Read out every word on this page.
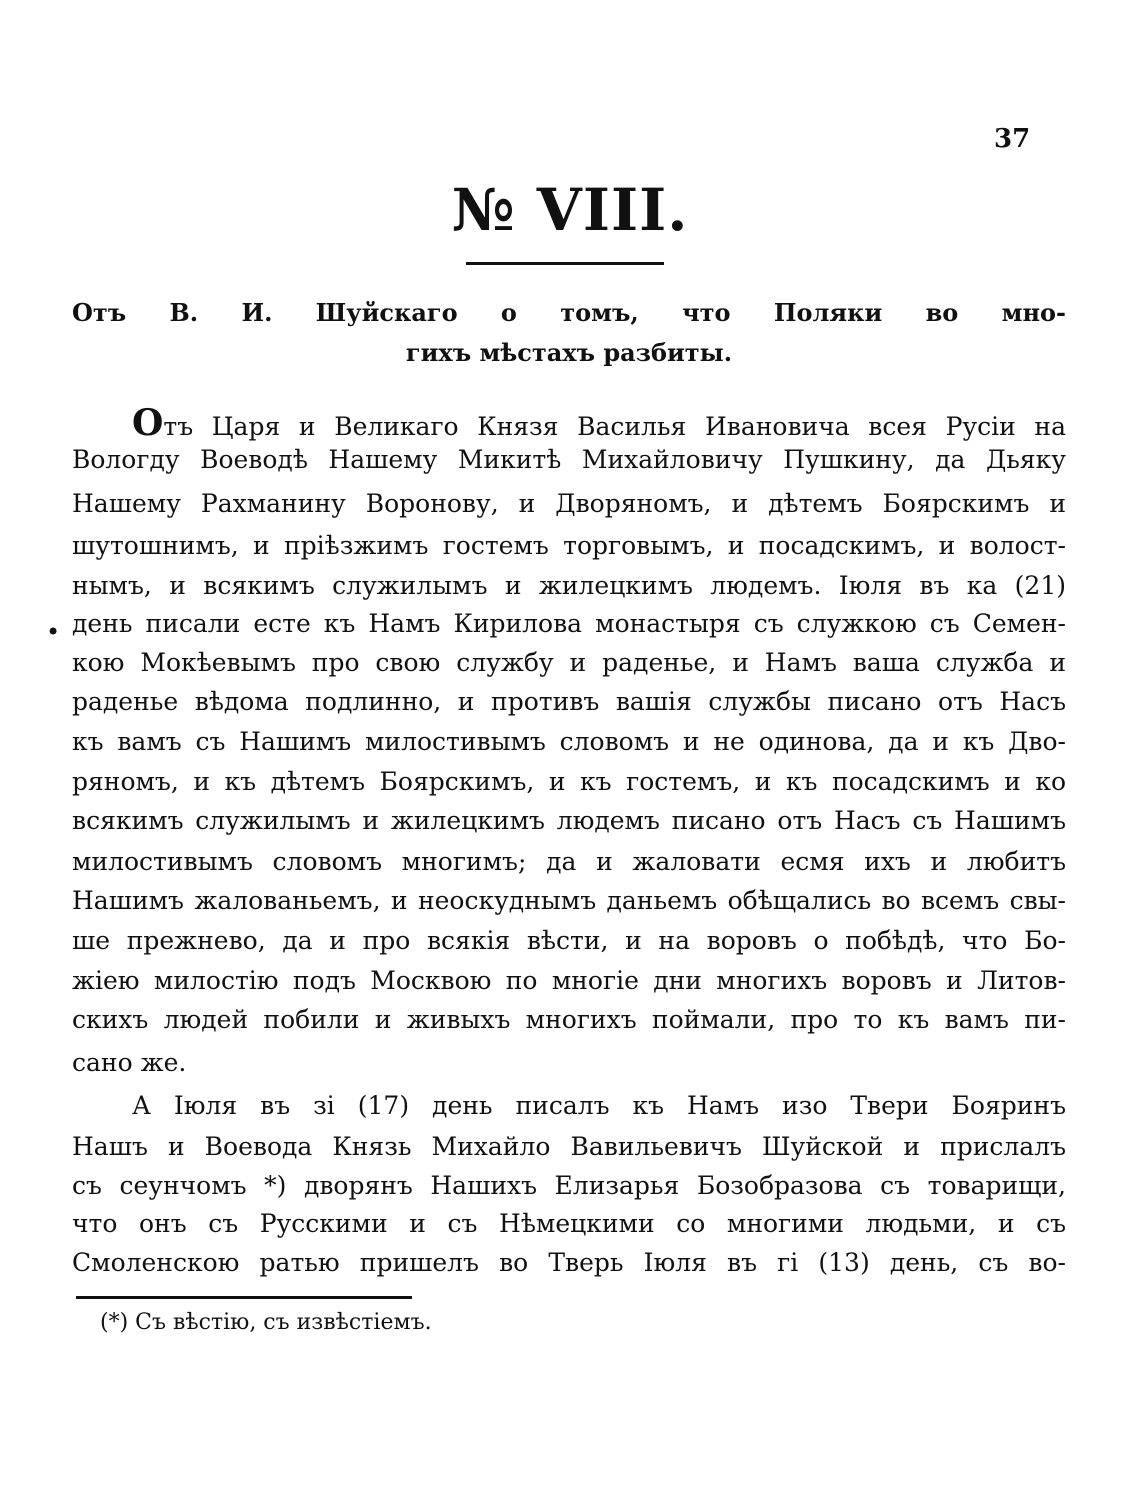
37
№ VIII.
Отъ В. И. Шуйскаго о томъ, что Поляки во мно-
гихъ мѣстахъ разбиты.
•
Отъ Царя и Великаго Князя Василья Ивановича всея Русіи на
Вологду Воеводѣ Нашему Микитѣ Михайловичу Пушкину, да Дьяку
Нашему Рахманину Воронову, и Дворяномъ, и дѣтемъ Боярскимъ и
шутошнимъ, и пріѣзжимъ гостемъ торговымъ, и посадскимъ, и волост-
нымъ, и всякимъ служилымъ и жилецкимъ людемъ. Іюля въ ка (21)
день писали есте къ Намъ Кирилова монастыря съ служкою съ Семен-
кою Мокѣевымъ про свою службу и раденье, и Намъ ваша служба и
раденье вѣдома подлинно, и противъ вашія службы писано отъ Насъ
къ вамъ съ Нашимъ милостивымъ словомъ и не одинова, да и къ Дво-
ряномъ, и къ дѣтемъ Боярскимъ, и къ гостемъ, и къ посадскимъ и ко
всякимъ служилымъ и жилецкимъ людемъ писано отъ Насъ съ Нашимъ
милостивымъ словомъ многимъ; да и жаловати есмя ихъ и любитъ
Нашимъ жалованьемъ, и неоскуднымъ даньемъ обѣщались во всемъ свы-
ше прежнево, да и про всякія вѣсти, и на воровъ о побѣдѣ, что Бо-
жіею милостію подъ Москвою по многіе дни многихъ воровъ и Литов-
скихъ людей побили и живыхъ многихъ поймали, про то къ вамъ пи-
сано же.
А Іюля въ зі (17) день писалъ къ Намъ изо Твери Бояринъ
Нашъ и Воевода Князь Михайло Вавильевичъ Шуйской и прислалъ
съ сеунчомъ *) дворянъ Нашихъ Елизарья Бозобразова съ товарищи,
что онъ съ Русскими и съ Нѣмецкими со многими людьми, и съ
Смоленскою ратью пришелъ во Тверь Іюля въ гі (13) день, съ во-
(*) Съ вѣстію, съ извѣстіемъ.
